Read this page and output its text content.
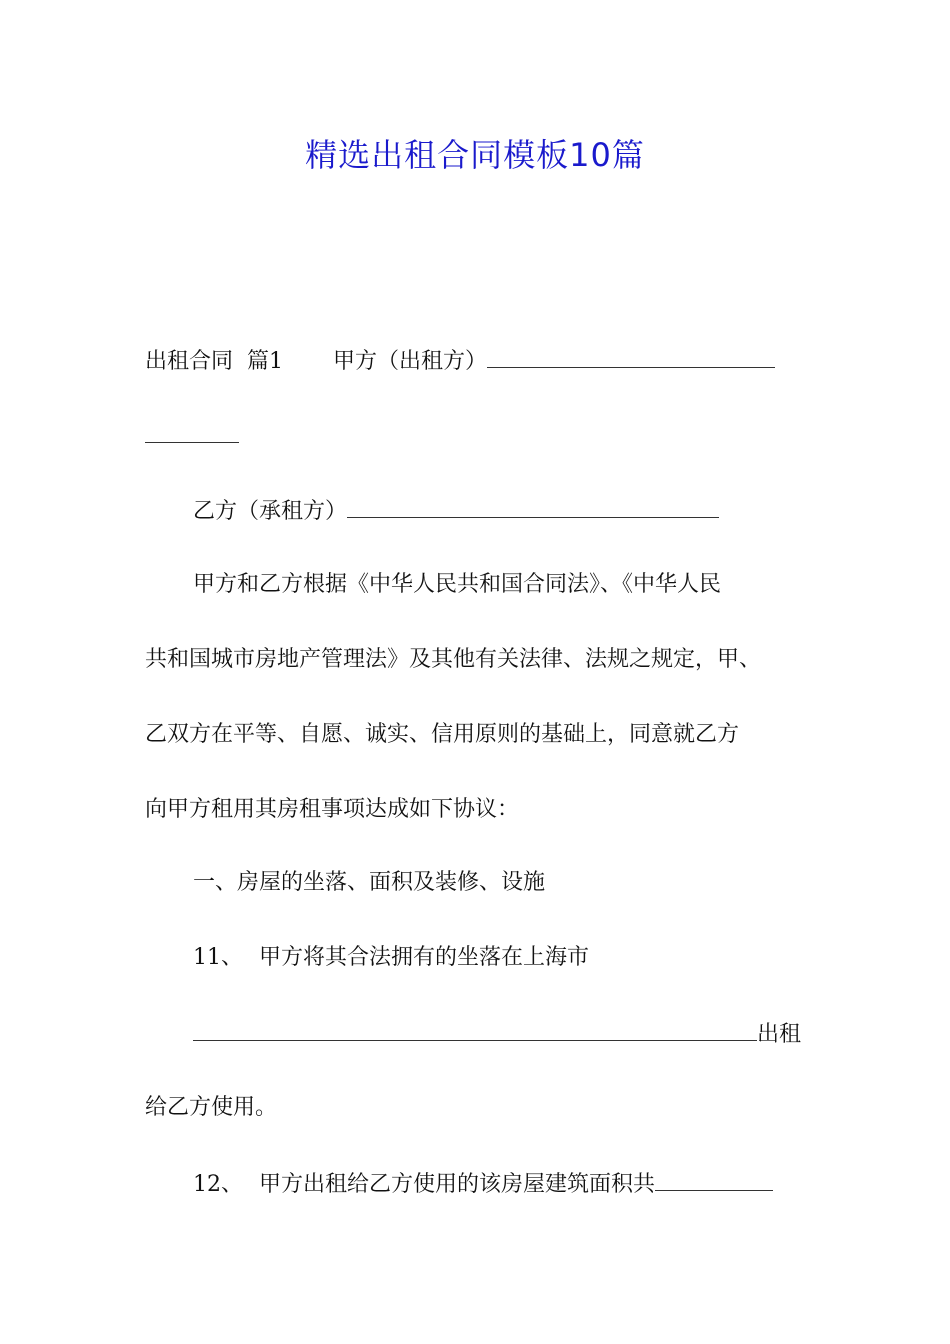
精选出租合同模板10篇
出租合同 篇1 甲方（出租方）
乙方（承租方）
甲方和乙方根据《中华人民共和国合同法》、《中华人民
共和国城市房地产管理法》及其他有关法律、法规之规定，甲、
乙双方在平等、自愿、诚实、信用原则的基础上，同意就乙方
向甲方租用其房租事项达成如下协议：
一、房屋的坐落、面积及装修、设施
11、 甲方将其合法拥有的坐落在上海市
出租
给乙方使用。
12、 甲方出租给乙方使用的该房屋建筑面积共
